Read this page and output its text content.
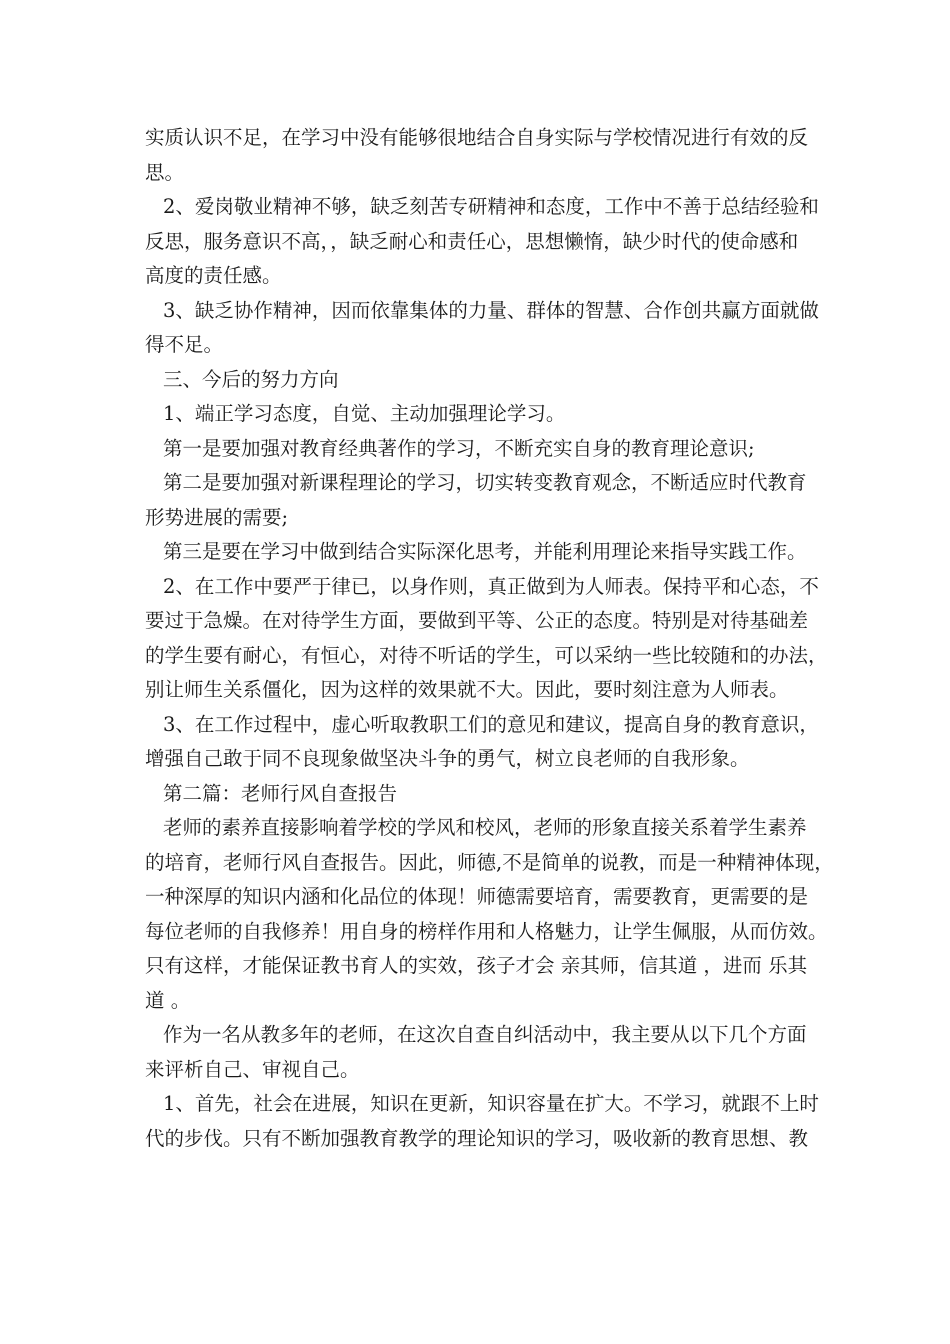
实质认识不足，在学习中没有能够很地结合自身实际与学校情况进行有效的反
思。
2、爱岗敬业精神不够，缺乏刻苦专研精神和态度，工作中不善于总结经验和
反思，服务意识不高，，缺乏耐心和责任心，思想懒惰，缺少时代的使命感和
高度的责任感。
3、缺乏协作精神，因而依靠集体的力量、群体的智慧、合作创共赢方面就做
得不足。
三、今后的努力方向
1、端正学习态度，自觉、主动加强理论学习。
第一是要加强对教育经典著作的学习，不断充实自身的教育理论意识;
第二是要加强对新课程理论的学习，切实转变教育观念，不断适应时代教育
形势进展的需要;
第三是要在学习中做到结合实际深化思考，并能利用理论来指导实践工作。
2、在工作中要严于律已，以身作则，真正做到为人师表。保持平和心态，不
要过于急燥。在对待学生方面，要做到平等、公正的态度。特别是对待基础差
的学生要有耐心，有恒心，对待不听话的学生，可以采纳一些比较随和的办法，
别让师生关系僵化，因为这样的效果就不大。因此，要时刻注意为人师表。
3、在工作过程中，虚心听取教职工们的意见和建议，提高自身的教育意识，
增强自己敢于同不良现象做坚决斗争的勇气，树立良老师的自我形象。
第二篇：老师行风自查报告
老师的素养直接影响着学校的学风和校风，老师的形象直接关系着学生素养
的培育，老师行风自查报告。因此，师德,不是简单的说教，而是一种精神体现，
一种深厚的知识内涵和化品位的体现！师德需要培育，需要教育，更需要的是
每位老师的自我修养！用自身的榜样作用和人格魅力，让学生佩服，从而仿效。
只有这样，才能保证教书育人的实效，孩子才会 亲其师，信其道 ，进而 乐其
道 。
作为一名从教多年的老师，在这次自查自纠活动中，我主要从以下几个方面
来评析自己、审视自己。
1、首先，社会在进展，知识在更新，知识容量在扩大。不学习，就跟不上时
代的步伐。只有不断加强教育教学的理论知识的学习，吸收新的教育思想、教
